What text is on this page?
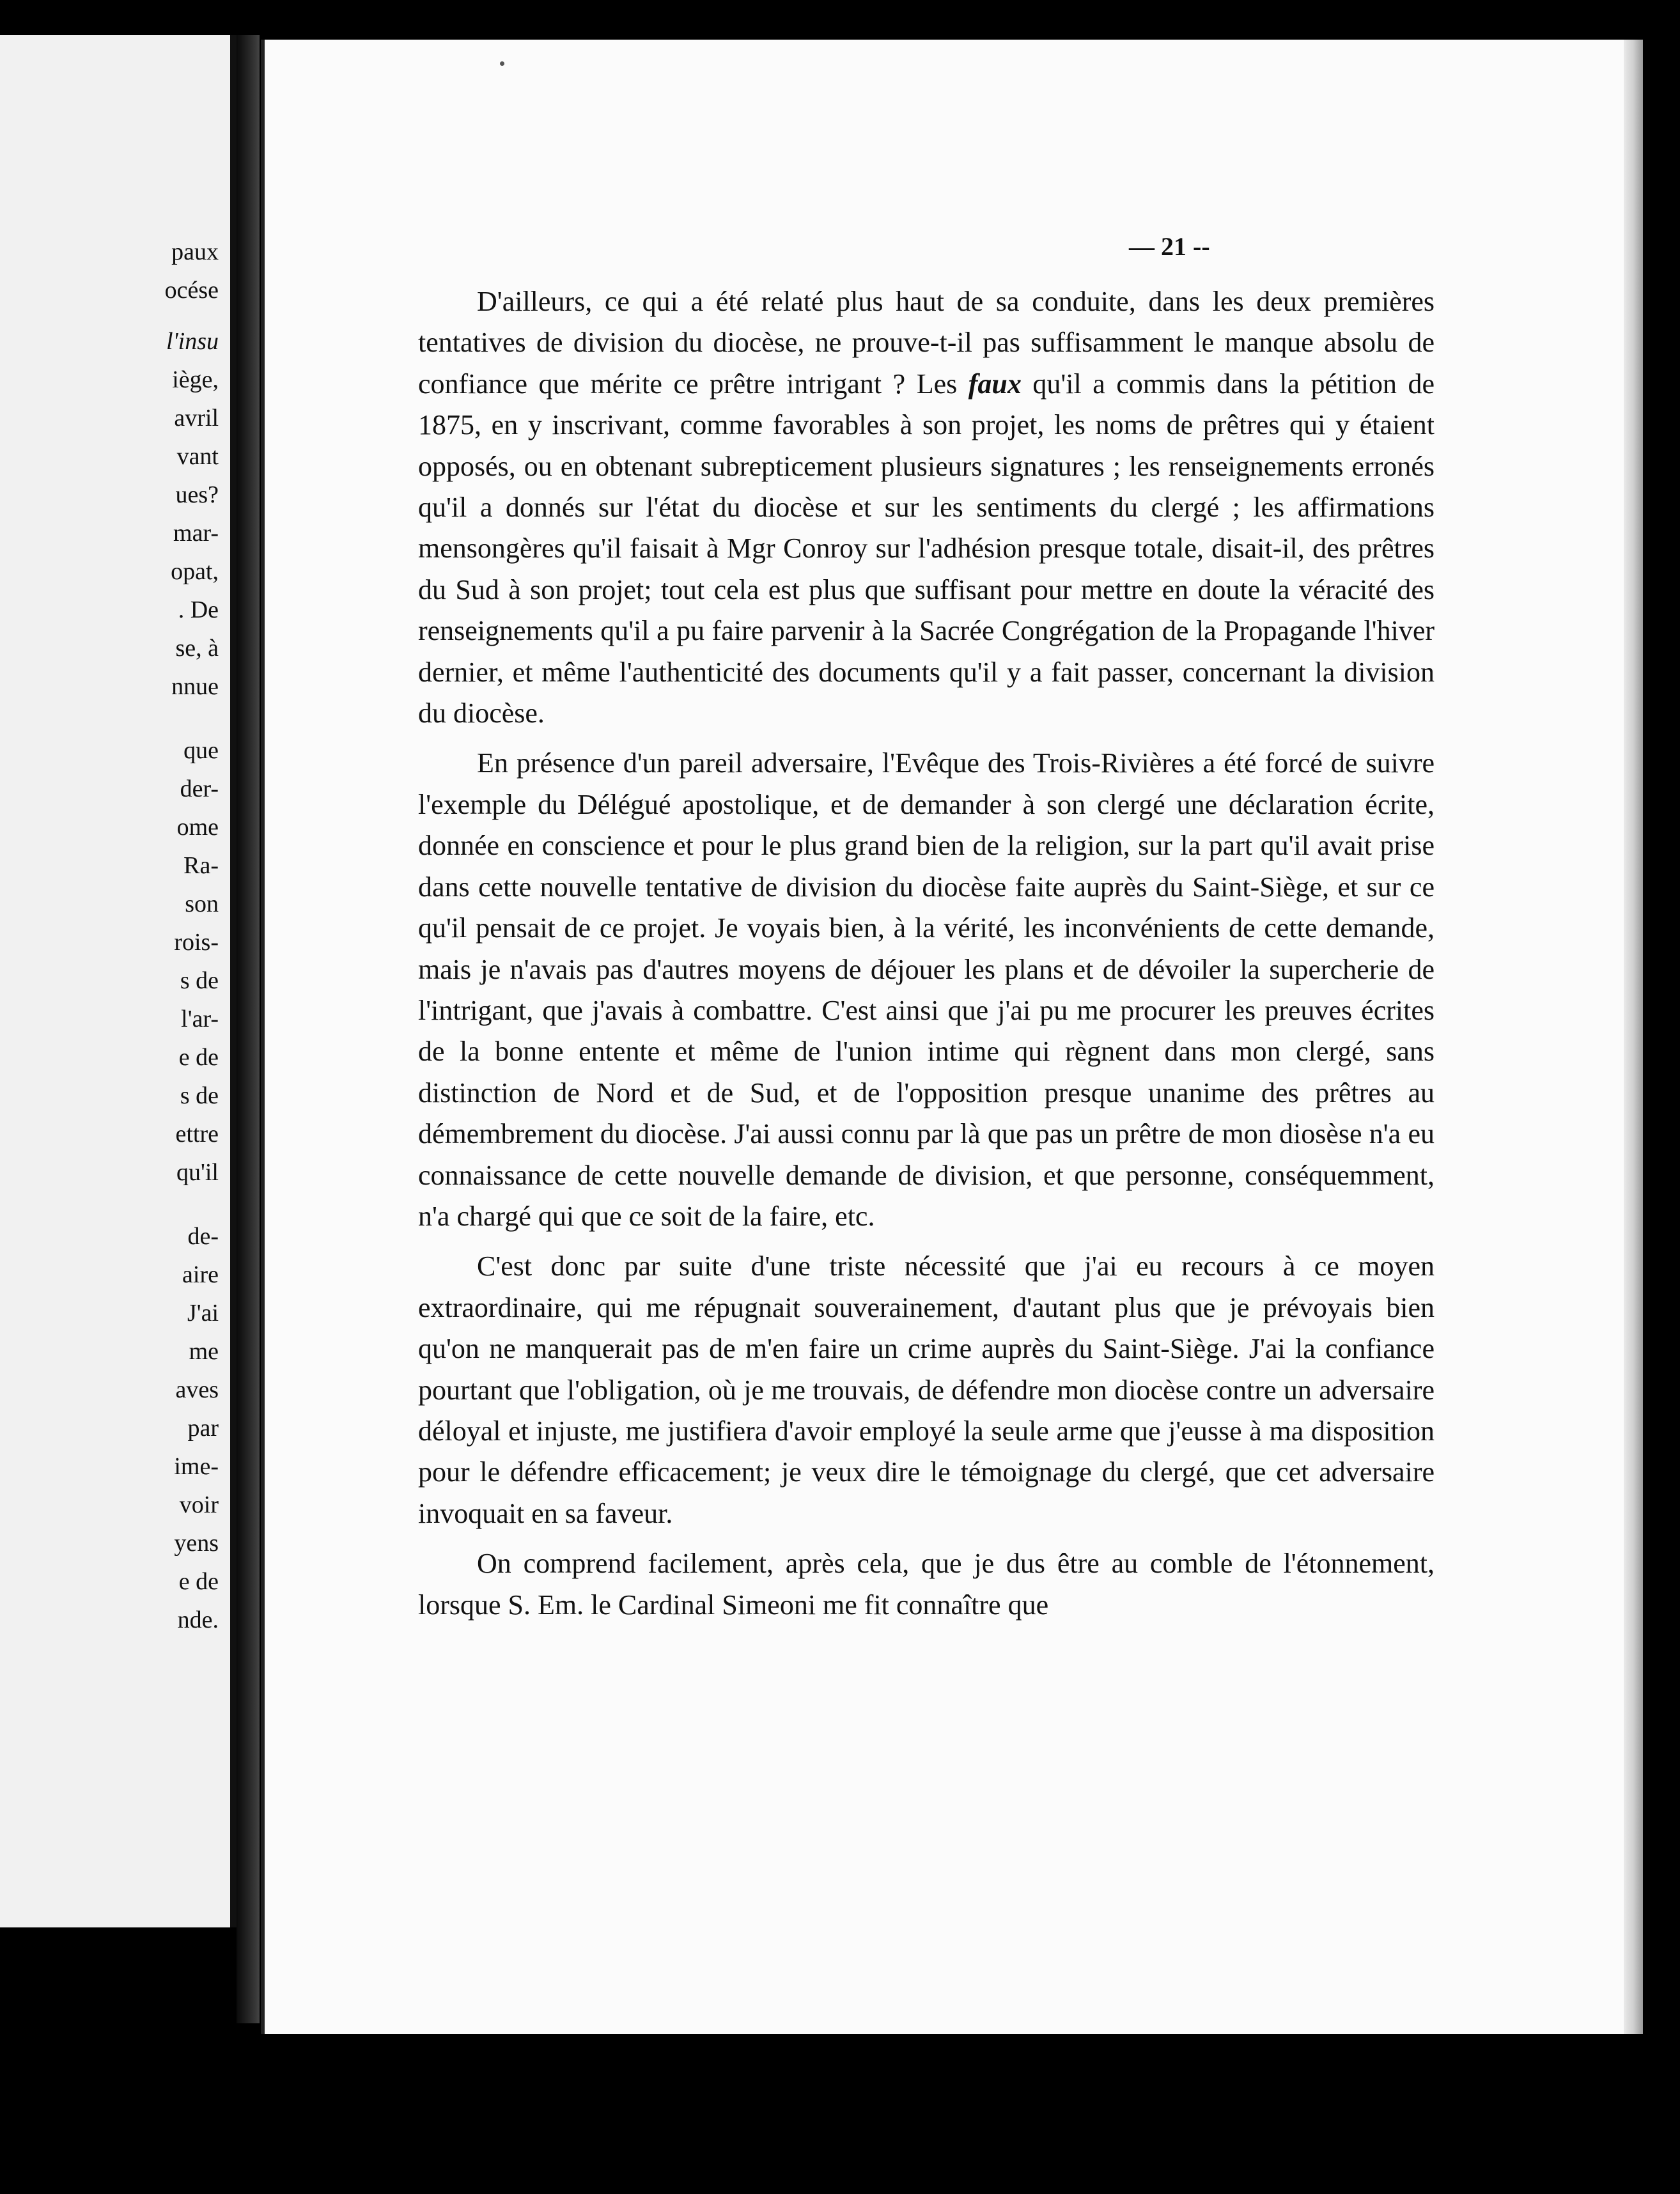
paux

océse

l'insu

iège,

avril

vant

ues?

mar-

opat,

. De

se, à

nnue

que

der-

ome

Ra-

son

rois-

s de

l'ar-

e de

s de

ettre

qu'il

de-

aire

J'ai

me

aves

par

ime-

voir

yens

e de

nde.

— 21 --

D'ailleurs, ce qui a été relaté plus haut de sa conduite, dans les deux premières tentatives de division du diocèse, ne prouve-t-il pas suffisamment le manque absolu de confiance que mérite ce prêtre intrigant ? Les faux qu'il a commis dans la pétition de 1875, en y inscrivant, comme favorables à son projet, les noms de prêtres qui y étaient opposés, ou en obtenant subrepticement plusieurs signatures ; les renseignements erronés qu'il a donnés sur l'état du diocèse et sur les sentiments du clergé ; les affirmations mensongères qu'il faisait à Mgr Conroy sur l'adhésion presque totale, disait-il, des prêtres du Sud à son projet; tout cela est plus que suffisant pour mettre en doute la véracité des renseignements qu'il a pu faire parvenir à la Sacrée Congrégation de la Propagande l'hiver dernier, et même l'authenticité des documents qu'il y a fait passer, concernant la division du diocèse.

En présence d'un pareil adversaire, l'Evêque des Trois-Rivières a été forcé de suivre l'exemple du Délégué apostolique, et de demander à son clergé une déclaration écrite, donnée en conscience et pour le plus grand bien de la religion, sur la part qu'il avait prise dans cette nouvelle tentative de division du diocèse faite auprès du Saint-Siège, et sur ce qu'il pensait de ce projet. Je voyais bien, à la vérité, les inconvénients de cette demande, mais je n'avais pas d'autres moyens de déjouer les plans et de dévoiler la supercherie de l'intrigant, que j'avais à combattre. C'est ainsi que j'ai pu me procurer les preuves écrites de la bonne entente et même de l'union intime qui règnent dans mon clergé, sans distinction de Nord et de Sud, et de l'opposition presque unanime des prêtres au démembrement du diocèse. J'ai aussi connu par là que pas un prêtre de mon diosèse n'a eu connaissance de cette nouvelle demande de division, et que personne, conséquemment, n'a chargé qui que ce soit de la faire, etc.

C'est donc par suite d'une triste nécessité que j'ai eu recours à ce moyen extraordinaire, qui me répugnait souverainement, d'autant plus que je prévoyais bien qu'on ne manquerait pas de m'en faire un crime auprès du Saint-Siège. J'ai la confiance pourtant que l'obligation, où je me trouvais, de défendre mon diocèse contre un adversaire déloyal et injuste, me justifiera d'avoir employé la seule arme que j'eusse à ma disposition pour le défendre efficacement; je veux dire le témoignage du clergé, que cet adversaire invoquait en sa faveur.

On comprend facilement, après cela, que je dus être au comble de l'étonnement, lorsque S. Em. le Cardinal Simeoni me fit connaître que
